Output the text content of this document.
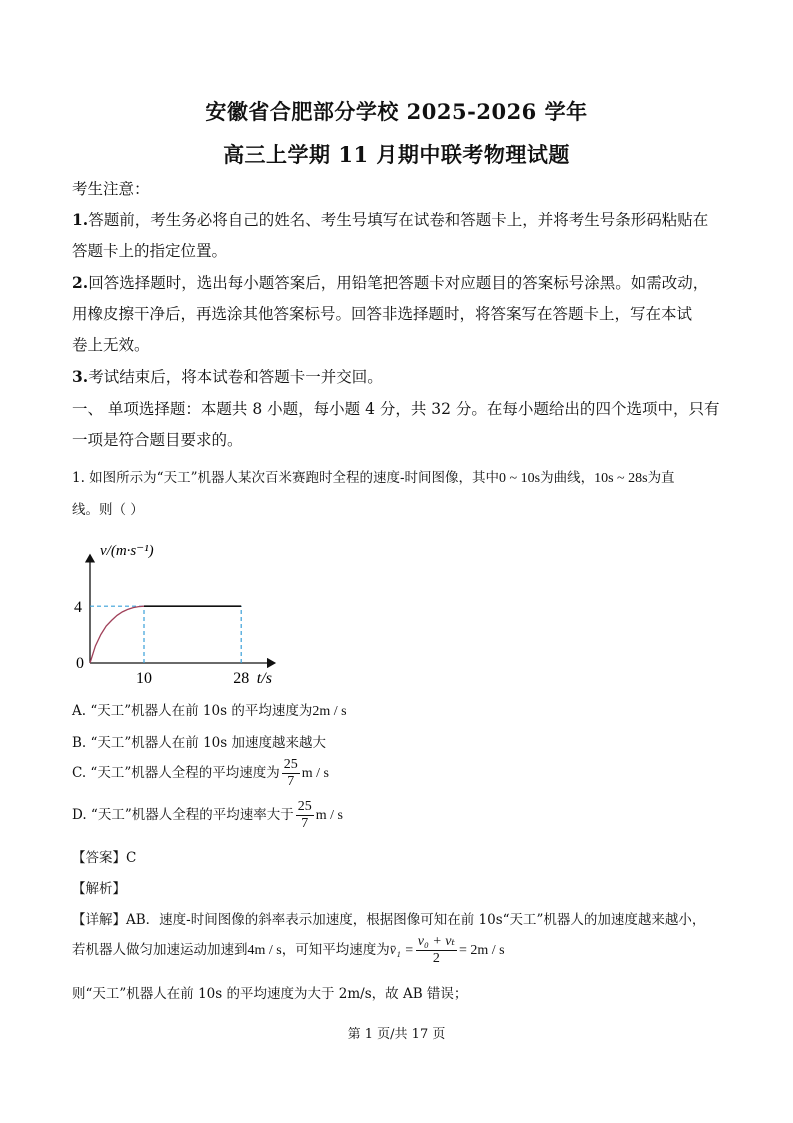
安徽省合肥部分学校 2025-2026 学年
高三上学期 11 月期中联考物理试题
考生注意：
1.答题前，考生务必将自己的姓名、考生号填写在试卷和答题卡上，并将考生号条形码粘贴在
答题卡上的指定位置。
2.回答选择题时，选出每小题答案后，用铅笔把答题卡对应题目的答案标号涂黑。如需改动，
用橡皮擦干净后，再选涂其他答案标号。回答非选择题时，将答案写在答题卡上，写在本试
卷上无效。
3.考试结束后，将本试卷和答题卡一并交回。
一、 单项选择题：本题共 8 小题，每小题 4 分，共 32 分。在每小题给出的四个选项中，只有
一项是符合题目要求的。
1. 如图所示为“天工”机器人某次百米赛跑时全程的速度-时间图像，其中0 ~ 10s为曲线，10s ~ 28s为直
线。则（ ）
v/(m·s⁻¹)
t/s
0
10	28
4
A. “天工”机器人在前 10s 的平均速度为2m / s
B. “天工”机器人在前 10s 加速度越来越大
C. “天工”机器人全程的平均速度为 $\frac{25}{7}$ m / s
D. “天工”机器人全程的平均速率大于 $\frac{25}{7}$ m / s
【答案】C
【解析】
【详解】AB．速度-时间图像的斜率表示加速度，根据图像可知在前 10s“天工”机器人的加速度越来越小，
若机器人做匀加速运动加速到4m / s，可知平均速度为v̄₁ = $\frac{\text{v₀ + vₜ}}{2} = 2m / s$
则“天工”机器人在前 10s 的平均速度为大于 2m/s，故 AB 错误；
第 1 页/共 17 页
